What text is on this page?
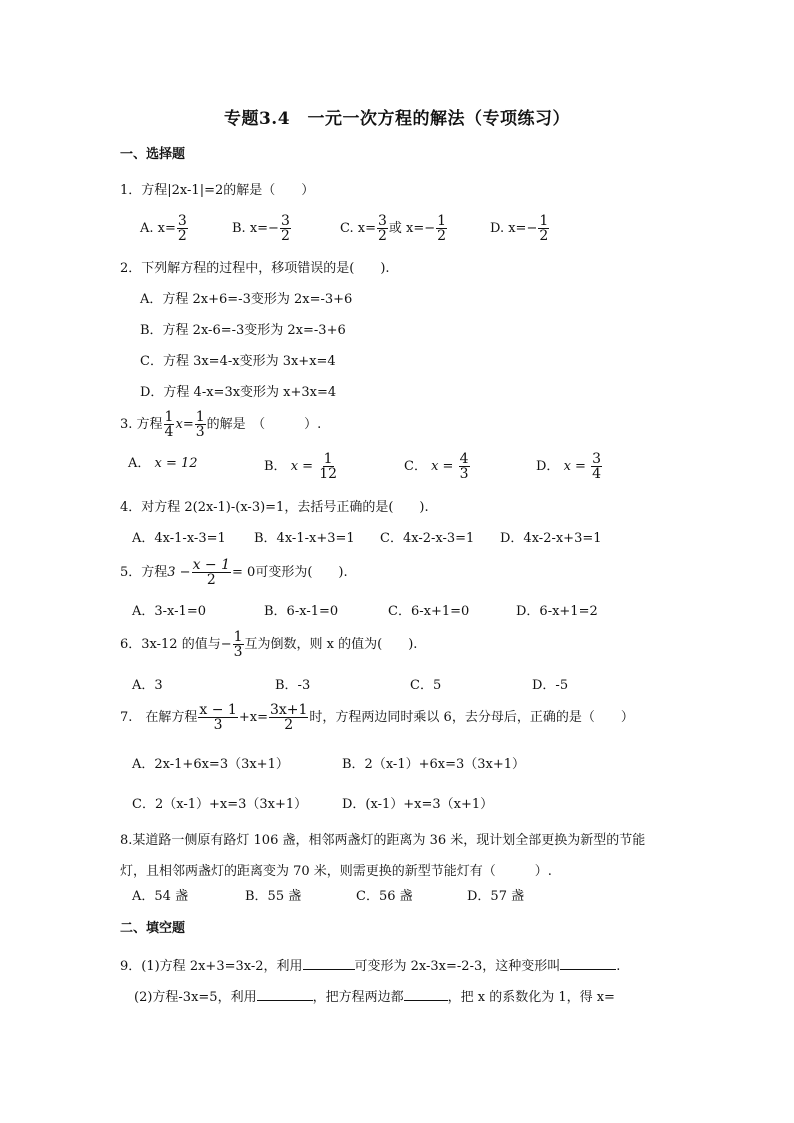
专题3.4　一元一次方程的解法（专项练习）
一、选择题
1．方程|2x-1|=2的解是（　　）
A. $x= \frac{3}{2}$	B. $x=- \frac{3}{2}$	C. $x= \frac{3}{2}$ 或 $x=- \frac{1}{2}$	D. $x=- \frac{1}{2}$
2．下列解方程的过程中，移项错误的是(　　).
A．方程 2x+6=-3变形为 2x=-3+6
B．方程 2x-6=-3变形为 2x=-3+6
C．方程 3x=4-x变形为 3x+x=4
D．方程 4-x=3x变形为 x+3x=4
3. 方程 $\frac{1}{4} x= \frac{1}{3}$ 的解是　（　　　）.
A． x = 12	B． $x = \frac{1}{12}$	C． $x = \frac{4}{3}$	D． $x = \frac{3}{4}$
4．对方程 2(2x-1)-(x-3)=1，去括号正确的是(　　).
A．4x-1-x-3=1 B．4x-1-x+3=1 C．4x-2-x-3=1 D．4x-2-x+3=1
5．方程$3 - \frac{x - 1}{2} = 0$可变形为(　　).
A．3-x-1=0	B．6-x-1=0	C．6-x+1=0	D．6-x+1=2
6．3x-12 的值与− $\frac{1}{3}$ 互为倒数，则 x 的值为(　　).
A．3	B．-3	C．5	D．-5
7.　在解方程 $\frac{x - 1}{3} +x= \frac{3x+1}{2}$ 时，方程两边同时乘以 6，去分母后，正确的是（　　）
A．2x-1+6x=3（3x+1）	B．2（x-1）+6x=3（3x+1）
C．2（x-1）+x=3（3x+1）	D．(x-1）+x=3（x+1）
8.某道路一侧原有路灯 106 盏，相邻两盏灯的距离为 36 米，现计划全部更换为新型的节能
灯，且相邻两盏灯的距离变为 70 米，则需更换的新型节能灯有（　　　）.
A．54 盏	B．55 盏	C．56 盏	D．57 盏
二、填空题
9．(1)方程 2x+3=3x-2，利用	可变形为 2x-3x=-2-3，这种变形叫	.
(2)方程-3x=5，利用	，把方程两边都	，把 x 的系数化为 1，得 x=
